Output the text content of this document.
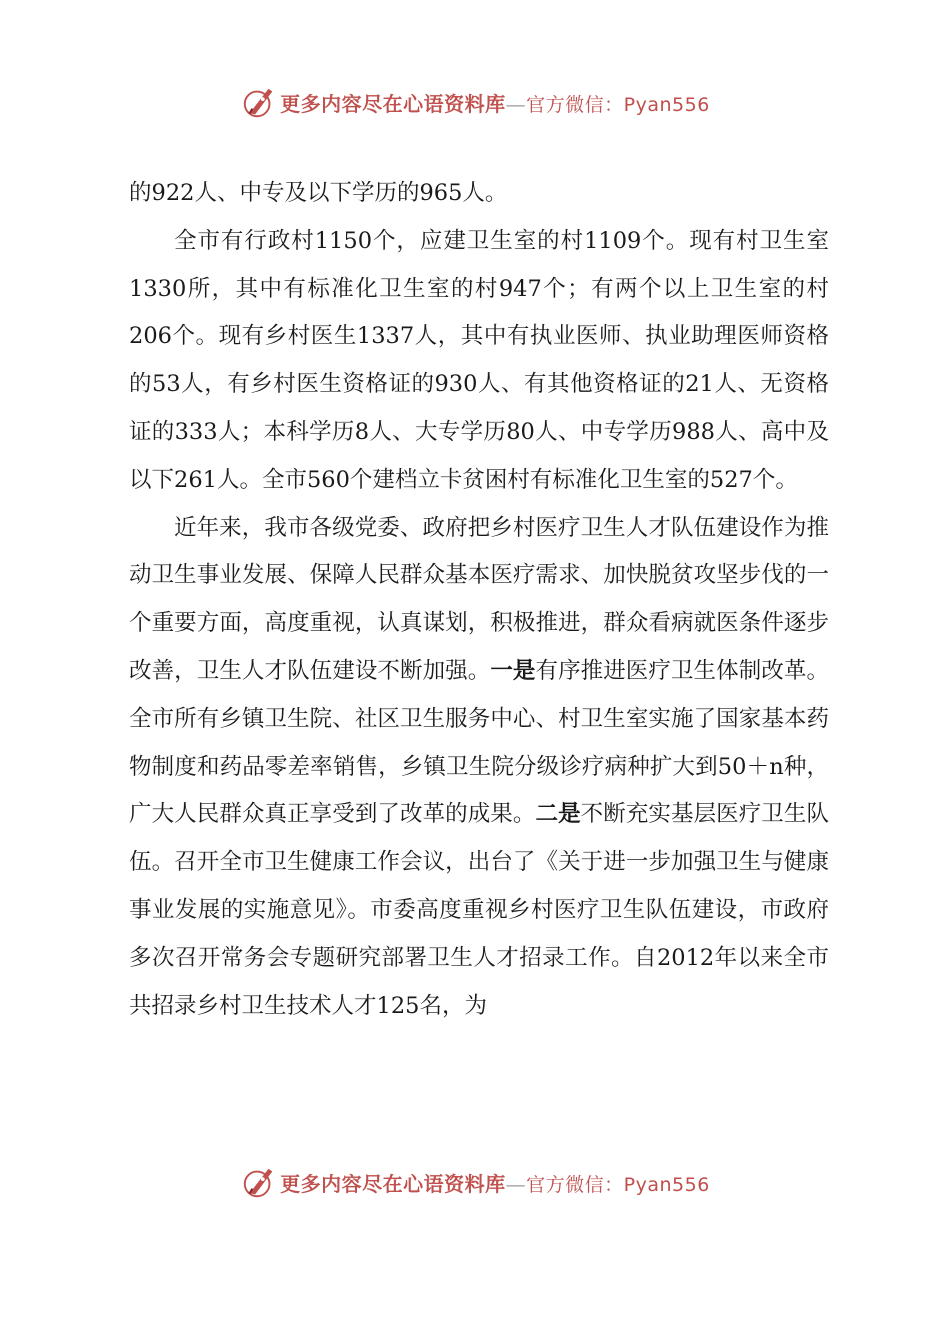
更多内容尽在心语资料库—官方微信：Pyan556

的922人、中专及以下学历的965人。

全市有行政村1150个，应建卫生室的村1109个。现有村卫生室1330所，其中有标准化卫生室的村947个；有两个以上卫生室的村206个。现有乡村医生1337人，其中有执业医师、执业助理医师资格的53人，有乡村医生资格证的930人、有其他资格证的21人、无资格证的333人；本科学历8人、大专学历80人、中专学历988人、高中及以下261人。全市560个建档立卡贫困村有标准化卫生室的527个。

近年来，我市各级党委、政府把乡村医疗卫生人才队伍建设作为推动卫生事业发展、保障人民群众基本医疗需求、加快脱贫攻坚步伐的一个重要方面，高度重视，认真谋划，积极推进，群众看病就医条件逐步改善，卫生人才队伍建设不断加强。一是有序推进医疗卫生体制改革。全市所有乡镇卫生院、社区卫生服务中心、村卫生室实施了国家基本药物制度和药品零差率销售，乡镇卫生院分级诊疗病种扩大到50＋n种，广大人民群众真正享受到了改革的成果。二是不断充实基层医疗卫生队伍。召开全市卫生健康工作会议，出台了《关于进一步加强卫生与健康事业发展的实施意见》。市委高度重视乡村医疗卫生队伍建设，市政府多次召开常务会专题研究部署卫生人才招录工作。自2012年以来全市共招录乡村卫生技术人才125名，为

更多内容尽在心语资料库—官方微信：Pyan556
